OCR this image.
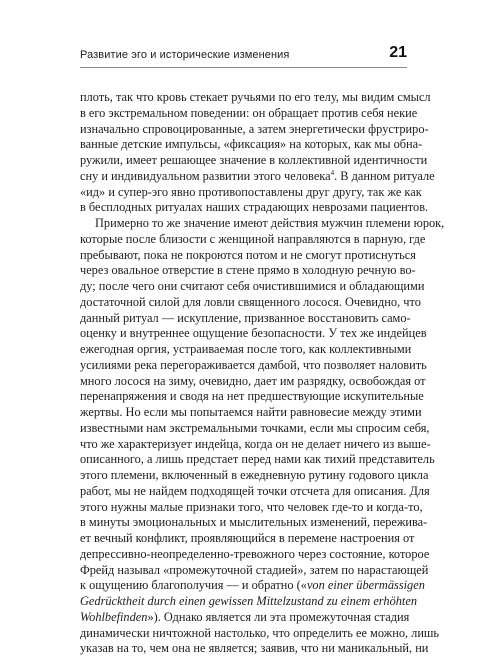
Развитие эго и исторические изменения	21
плоть, так что кровь стекает ручьями по его телу, мы видим смысл
в его экстремальном поведении: он обращает против себя некие
изначально спровоцированные, а затем энергетически фрустриро-
ванные детские импульсы, «фиксация» на которых, как мы обна-
ружили, имеет решающее значение в коллективной идентичности
сну и индивидуальном развитии этого человека$^4$. В данном ритуале
«ид» и супер-эго явно противопоставлены друг другу, так же как
в бесплодных ритуалах наших страдающих неврозами пациентов.
Примерно то же значение имеют действия мужчин племени юрок,
которые после близости с женщиной направляются в парную, где
пребывают, пока не покроются потом и не смогут протиснуться
через овальное отверстие в стене прямо в холодную речную во-
ду; после чего они считают себя очистившимися и обладающими
достаточной силой для ловли священного лосося. Очевидно, что
данный ритуал — искупление, призванное восстановить само-
оценку и внутреннее ощущение безопасности. У тех же индейцев
ежегодная оргия, устраиваемая после того, как коллективными
усилиями река перегораживается дамбой, что позволяет наловить
много лосося на зиму, очевидно, дает им разрядку, освобождая от
перенапряжения и сводя на нет предшествующие искупительные
жертвы. Но если мы попытаемся найти равновесие между этими
известными нам экстремальными точками, если мы спросим себя,
что же характеризует индейца, когда он не делает ничего из выше-
описанного, а лишь предстает перед нами как тихий представитель
этого племени, включенный в ежедневную рутину годового цикла
работ, мы не найдем подходящей точки отсчета для описания. Для
этого нужны малые признаки того, что человек где-то и когда-то,
в минуты эмоциональных и мыслительных изменений, пережива-
ет вечный конфликт, проявляющийся в перемене настроения от
депрессивно-неопределенно-тревожного через состояние, которое
Фрейд называл «промежуточной стадией», затем по нарастающей
к ощущению благополучия — и обратно («von einer übermässigen
Gedrücktheit durch einen gewissen Mittelzustand zu einem erhöhten
Wohlbefinden»). Однако является ли эта промежуточная стадия
динамически ничтожной настолько, что определить ее можно, лишь
указав на то, чем она не является; заявив, что ни маникальный, ни
